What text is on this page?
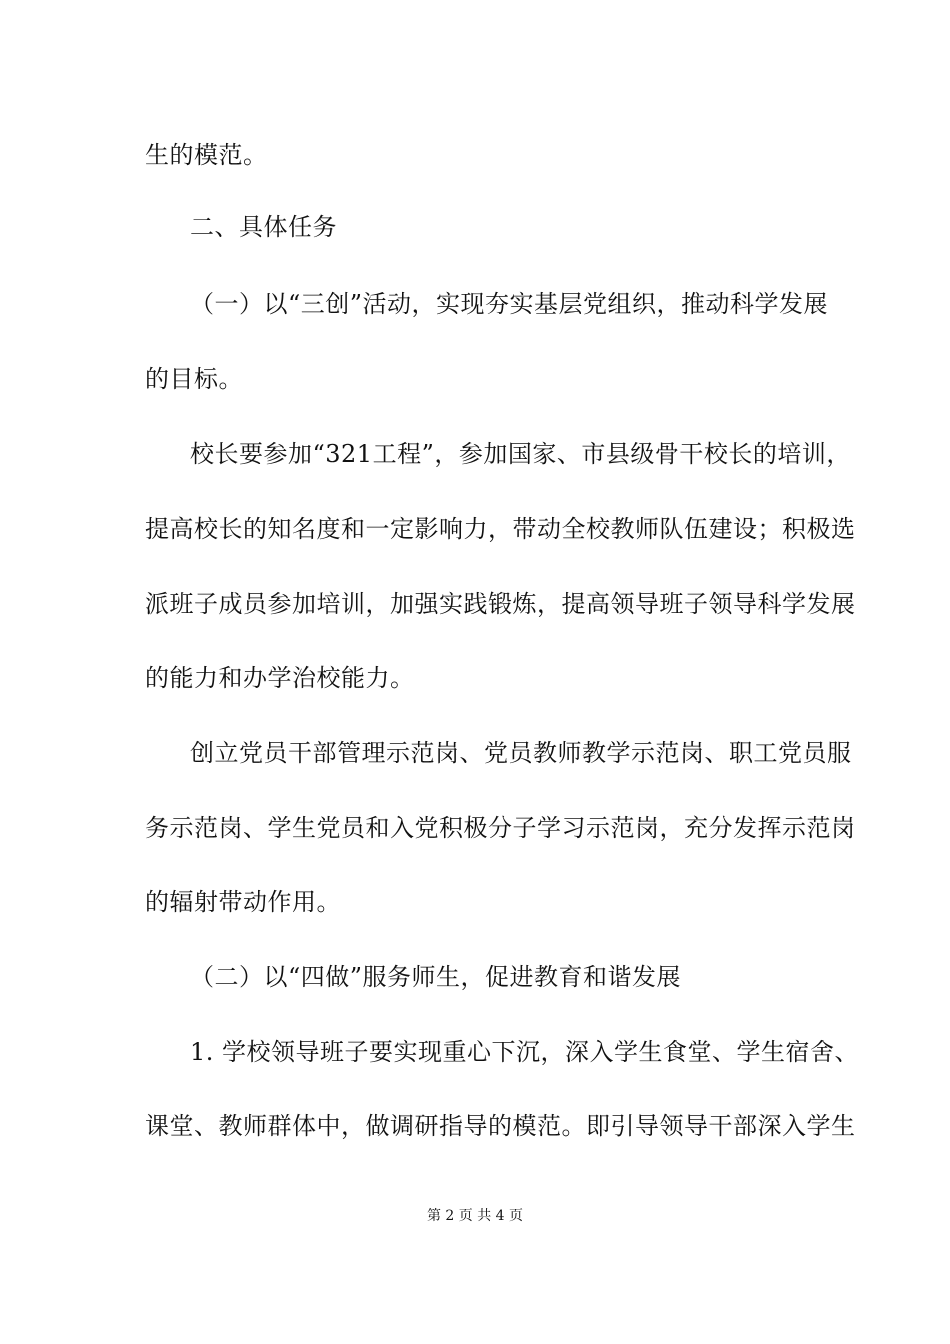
生的模范。
二、具体任务
（一）以“三创”活动，实现夯实基层党组织，推动科学发展
的目标。
校长要参加“321工程”，参加国家、市县级骨干校长的培训，
提高校长的知名度和一定影响力，带动全校教师队伍建设；积极选
派班子成员参加培训，加强实践锻炼，提高领导班子领导科学发展
的能力和办学治校能力。
创立党员干部管理示范岗、党员教师教学示范岗、职工党员服
务示范岗、学生党员和入党积极分子学习示范岗，充分发挥示范岗
的辐射带动作用。
（二）以“四做”服务师生，促进教育和谐发展
1. 学校领导班子要实现重心下沉，深入学生食堂、学生宿舍、
课堂、教师群体中，做调研指导的模范。即引导领导干部深入学生
第 2 页 共 4 页
